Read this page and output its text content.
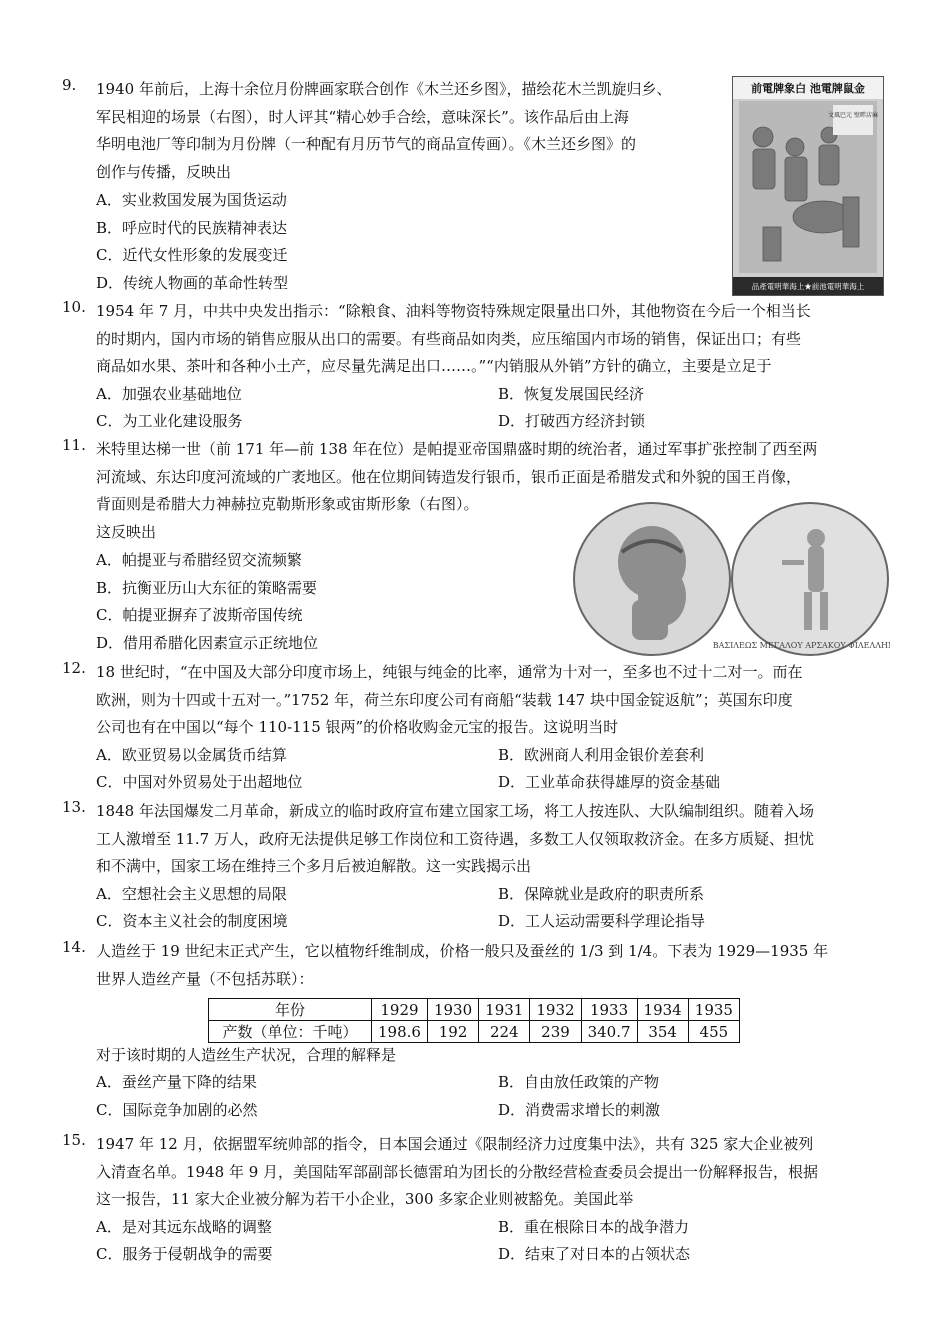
9.	1940 年前后，上海十余位月份牌画家联合创作《木兰还乡图》，描绘花木兰凯旋归乡、
军民相迎的场景（右图），时人评其“精心妙手合绘，意味深长”。该作品后由上海
华明电池厂等印制为月份牌（一种配有月历节气的商品宣传画）。《木兰还乡图》的
创作与传播，反映出
A．实业救国发展为国货运动
B．呼应时代的民族精神表达
C．近代女性形象的发展变迁
D．传统人物画的革命性转型
前電牌象白 池電牌鼠金
文風巴元 壁畔店麻
品產電明華海上★前池電明華海上
10. 1954 年 7 月，中共中央发出指示：“除粮食、油料等物资特殊规定限量出口外，其他物资在今后一个相当长
的时期内，国内市场的销售应服从出口的需要。有些商品如肉类，应压缩国内市场的销售，保证出口；有些
商品如水果、茶叶和各种小土产，应尽量先满足出口……。”“内销服从外销”方针的确立，主要是立足于
A．加强农业基础地位	B．恢复发展国民经济
C．为工业化建设服务	D．打破西方经济封锁
11. 米特里达梯一世（前 171 年—前 138 年在位）是帕提亚帝国鼎盛时期的统治者，通过军事扩张控制了西至两
河流域、东达印度河流域的广袤地区。他在位期间铸造发行银币，银币正面是希腊发式和外貌的国王肖像，
背面则是希腊大力神赫拉克勒斯形象或宙斯形象（右图）。
这反映出
A．帕提亚与希腊经贸交流频繁
B．抗衡亚历山大东征的策略需要
C．帕提亚摒弃了波斯帝国传统
D．借用希腊化因素宣示正统地位	ΒΑΣΙΛΕΩΣ ΜΕΓΑΛΟΥ ΑΡΣΑΚΟΥ ΦΙΛΕΛΛΗΝΟΣ
12. 18 世纪时，“在中国及大部分印度市场上，纯银与纯金的比率，通常为十对一，至多也不过十二对一。而在
欧洲，则为十四或十五对一。”1752 年，荷兰东印度公司有商船“装载 147 块中国金锭返航”；英国东印度
公司也有在中国以“每个 110-115 银两”的价格收购金元宝的报告。这说明当时
A．欧亚贸易以金属货币结算	B．欧洲商人利用金银价差套利
C．中国对外贸易处于出超地位	D．工业革命获得雄厚的资金基础
13. 1848 年法国爆发二月革命，新成立的临时政府宣布建立国家工场，将工人按连队、大队编制组织。随着入场
工人激增至 11.7 万人，政府无法提供足够工作岗位和工资待遇，多数工人仅领取救济金。在多方质疑、担忧
和不满中，国家工场在维持三个多月后被迫解散。这一实践揭示出
A．空想社会主义思想的局限	B．保障就业是政府的职责所系
C．资本主义社会的制度困境	D．工人运动需要科学理论指导
14. 人造丝于 19 世纪末正式产生，它以植物纤维制成，价格一般只及蚕丝的 1/3 到 1/4。下表为 1929—1935 年
世界人造丝产量（不包括苏联）：
对于该时期的人造丝生产状况，合理的解释是
A．蚕丝产量下降的结果	B．自由放任政策的产物
C．国际竞争加剧的必然	D．消费需求增长的刺激
年份	1929	1930	1931	1932	1933	1934	1935
产数（单位：千吨）	198.6	192	224	239	340.7	354	455
15. 1947 年 12 月，依据盟军统帅部的指令，日本国会通过《限制经济力过度集中法》，共有 325 家大企业被列
入清查名单。1948 年 9 月，美国陆军部副部长德雷珀为团长的分散经营检查委员会提出一份解释报告，根据
这一报告，11 家大企业被分解为若干小企业，300 多家企业则被豁免。美国此举
A．是对其远东战略的调整	B．重在根除日本的战争潜力
C．服务于侵朝战争的需要	D．结束了对日本的占领状态
